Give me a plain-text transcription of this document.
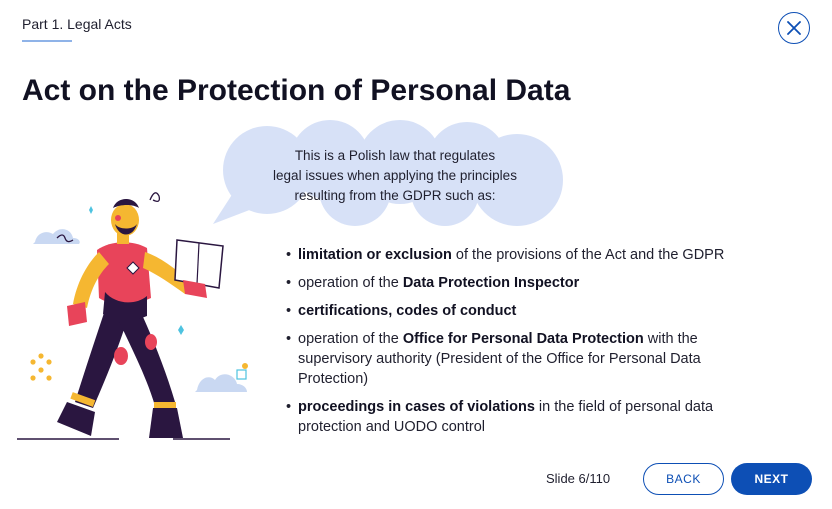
Part 1. Legal Acts
Act on the Protection of Personal Data
This is a Polish law that regulates
legal issues when applying the principles
resulting from the GDPR such as:
• limitation or exclusion of the provisions of the Act and the GDPR
• operation of the Data Protection Inspector
• certifications, codes of conduct
• operation of the Office for Personal Data Protection with the supervisory authority (President of the Office for Personal Data Protection)
• proceedings in cases of violations in the field of personal data protection and UODO control
Slide 6/110	BACK	NEXT
